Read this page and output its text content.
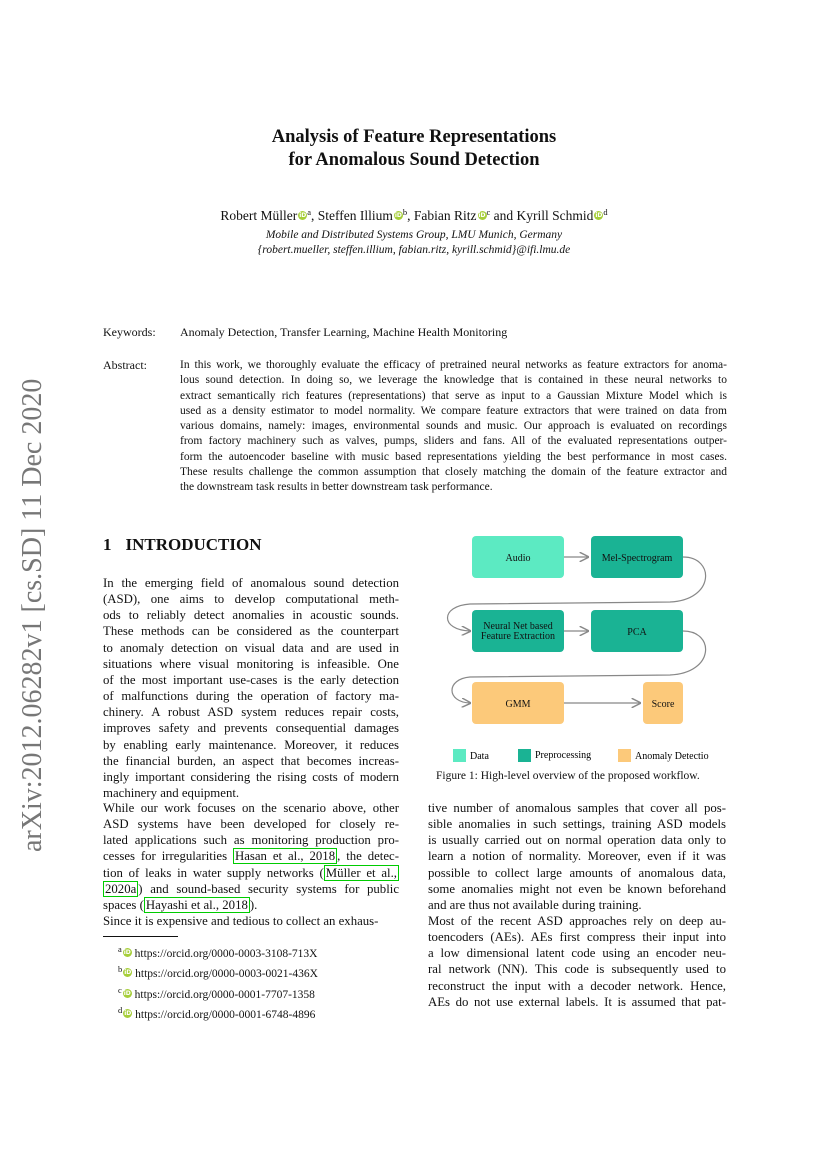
Analysis of Feature Representations
for Anomalous Sound Detection
Robert Müller $iD^a$, Steffen Illium $iD^b$, Fabian Ritz $iD^c$ and Kyrill Schmid $iD^d$
Mobile and Distributed Systems Group, LMU Munich, Germany
{robert.mueller, steffen.illium, fabian.ritz, kyrill.schmid}@ifi.lmu.de
arXiv:2012.06282v1 [cs.SD] 11 Dec 2020
Keywords: Anomaly Detection, Transfer Learning, Machine Health Monitoring
Abstract:	In this work, we thoroughly evaluate the efficacy of pretrained neural networks as feature extractors for anoma-
lous sound detection. In doing so, we leverage the knowledge that is contained in these neural networks to
extract semantically rich features (representations) that serve as input to a Gaussian Mixture Model which is
used as a density estimator to model normality. We compare feature extractors that were trained on data from
various domains, namely: images, environmental sounds and music. Our approach is evaluated on recordings
from factory machinery such as valves, pumps, sliders and fans. All of the evaluated representations outper-
form the autoencoder baseline with music based representations yielding the best performance in most cases.
These results challenge the common assumption that closely matching the domain of the feature extractor and
the downstream task results in better downstream task performance.
1 INTRODUCTION
In the emerging field of anomalous sound detection
(ASD), one aims to develop computational meth-
ods to reliably detect anomalies in acoustic sounds.
These methods can be considered as the counterpart
to anomaly detection on visual data and are used in
situations where visual monitoring is infeasible. One
of the most important use-cases is the early detection
of malfunctions during the operation of factory ma-
chinery. A robust ASD system reduces repair costs,
improves safety and prevents consequential damages
by enabling early maintenance. Moreover, it reduces
the financial burden, an aspect that becomes increas-
ingly important considering the rising costs of modern
machinery and equipment.
While our work focuses on the scenario above, other
ASD systems have been developed for closely re-
lated applications such as monitoring production pro-
cesses for irregularities Hasan et al., 2018 , the detec-
tion of leaks in water supply networks ( Müller et al.,
2020a ) and sound-based security systems for public
spaces ( Hayashi et al., 2018 ).
Since it is expensive and tedious to collect an exhaus-
$^a$ iD https://orcid.org/0000-0003-3108-713X
$^b$ iD https://orcid.org/0000-0003-0021-436X
$^c$ iD https://orcid.org/0000-0001-7707-1358
$^d$ iD https://orcid.org/0000-0001-6748-4896
Audio	Mel-Spectrogram
Neural Net based
Feature Extraction	PCA
GMM	Score
Data	Preprocessing	Anomaly Detectio
Figure 1: High-level overview of the proposed workflow.
tive number of anomalous samples that cover all pos-
sible anomalies in such settings, training ASD models
is usually carried out on normal operation data only to
learn a notion of normality. Moreover, even if it was
possible to collect large amounts of anomalous data,
some anomalies might not even be known beforehand
and are thus not available during training.
Most of the recent ASD approaches rely on deep au-
toencoders (AEs). AEs first compress their input into
a low dimensional latent code using an encoder neu-
ral network (NN). This code is subsequently used to
reconstruct the input with a decoder network. Hence,
AEs do not use external labels. It is assumed that pat-
